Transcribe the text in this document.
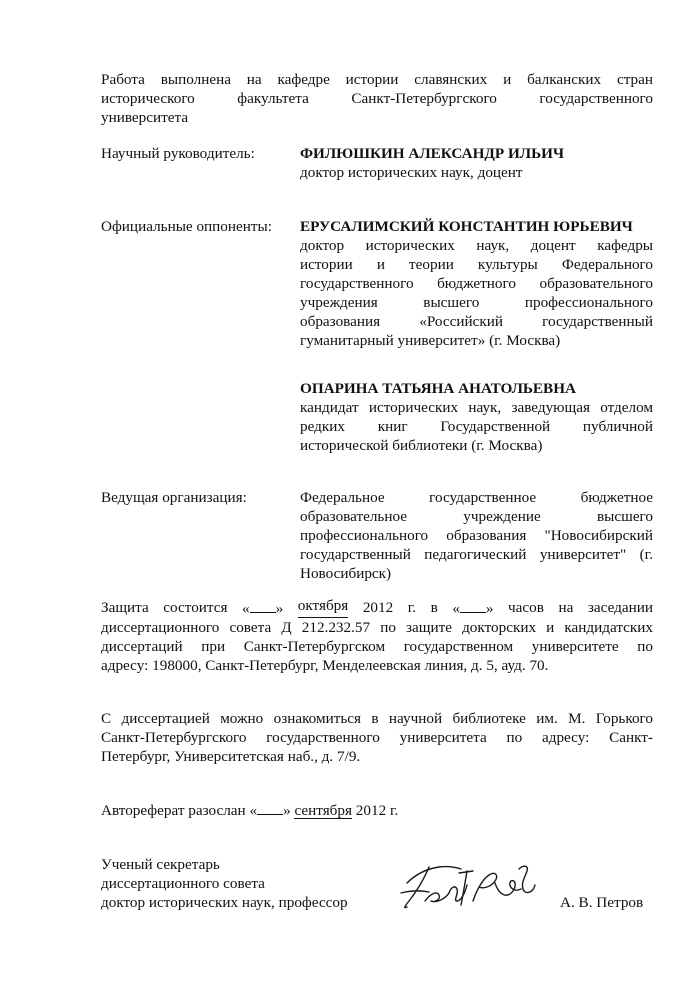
Работа выполнена на кафедре истории славянских и балканских стран
исторического факультета Санкт-Петербургского государственного
университета
Научный руководитель:	ФИЛЮШКИН АЛЕКСАНДР ИЛЬИЧ
доктор исторических наук, доцент
Официальные оппоненты: ЕРУСАЛИМСКИЙ КОНСТАНТИН ЮРЬЕВИЧ
доктор исторических наук, доцент кафедры
истории и теории культуры Федерального
государственного бюджетного образовательного
учреждения высшего профессионального
образования «Российский государственный
гуманитарный университет» (г. Москва)
ОПАРИНА ТАТЬЯНА АНАТОЛЬЕВНА
кандидат исторических наук, заведующая отделом
редких книг Государственной публичной
исторической библиотеки (г. Москва)
Ведущая организация:	Федеральное государственное бюджетное
образовательное учреждение высшего
профессионального образования "Новосибирский
государственный педагогический университет" (г.
Новосибирск)
Защита состоится « » октября 2012 г. в « » часов на заседании
диссертационного совета Д 212.232.57 по защите докторских и кандидатских
диссертаций при Санкт-Петербургском государственном университете по
адресу: 198000, Санкт-Петербург, Менделеевская линия, д. 5, ауд. 70.
С диссертацией можно ознакомиться в научной библиотеке им. М. Горького
Санкт-Петербургского государственного университета по адресу: Санкт-
Петербург, Университетская наб., д. 7/9.
Автореферат разослан « » сентября 2012 г.
Ученый секретарь
диссертационного совета
доктор исторических наук, профессор	А. В. Петров
